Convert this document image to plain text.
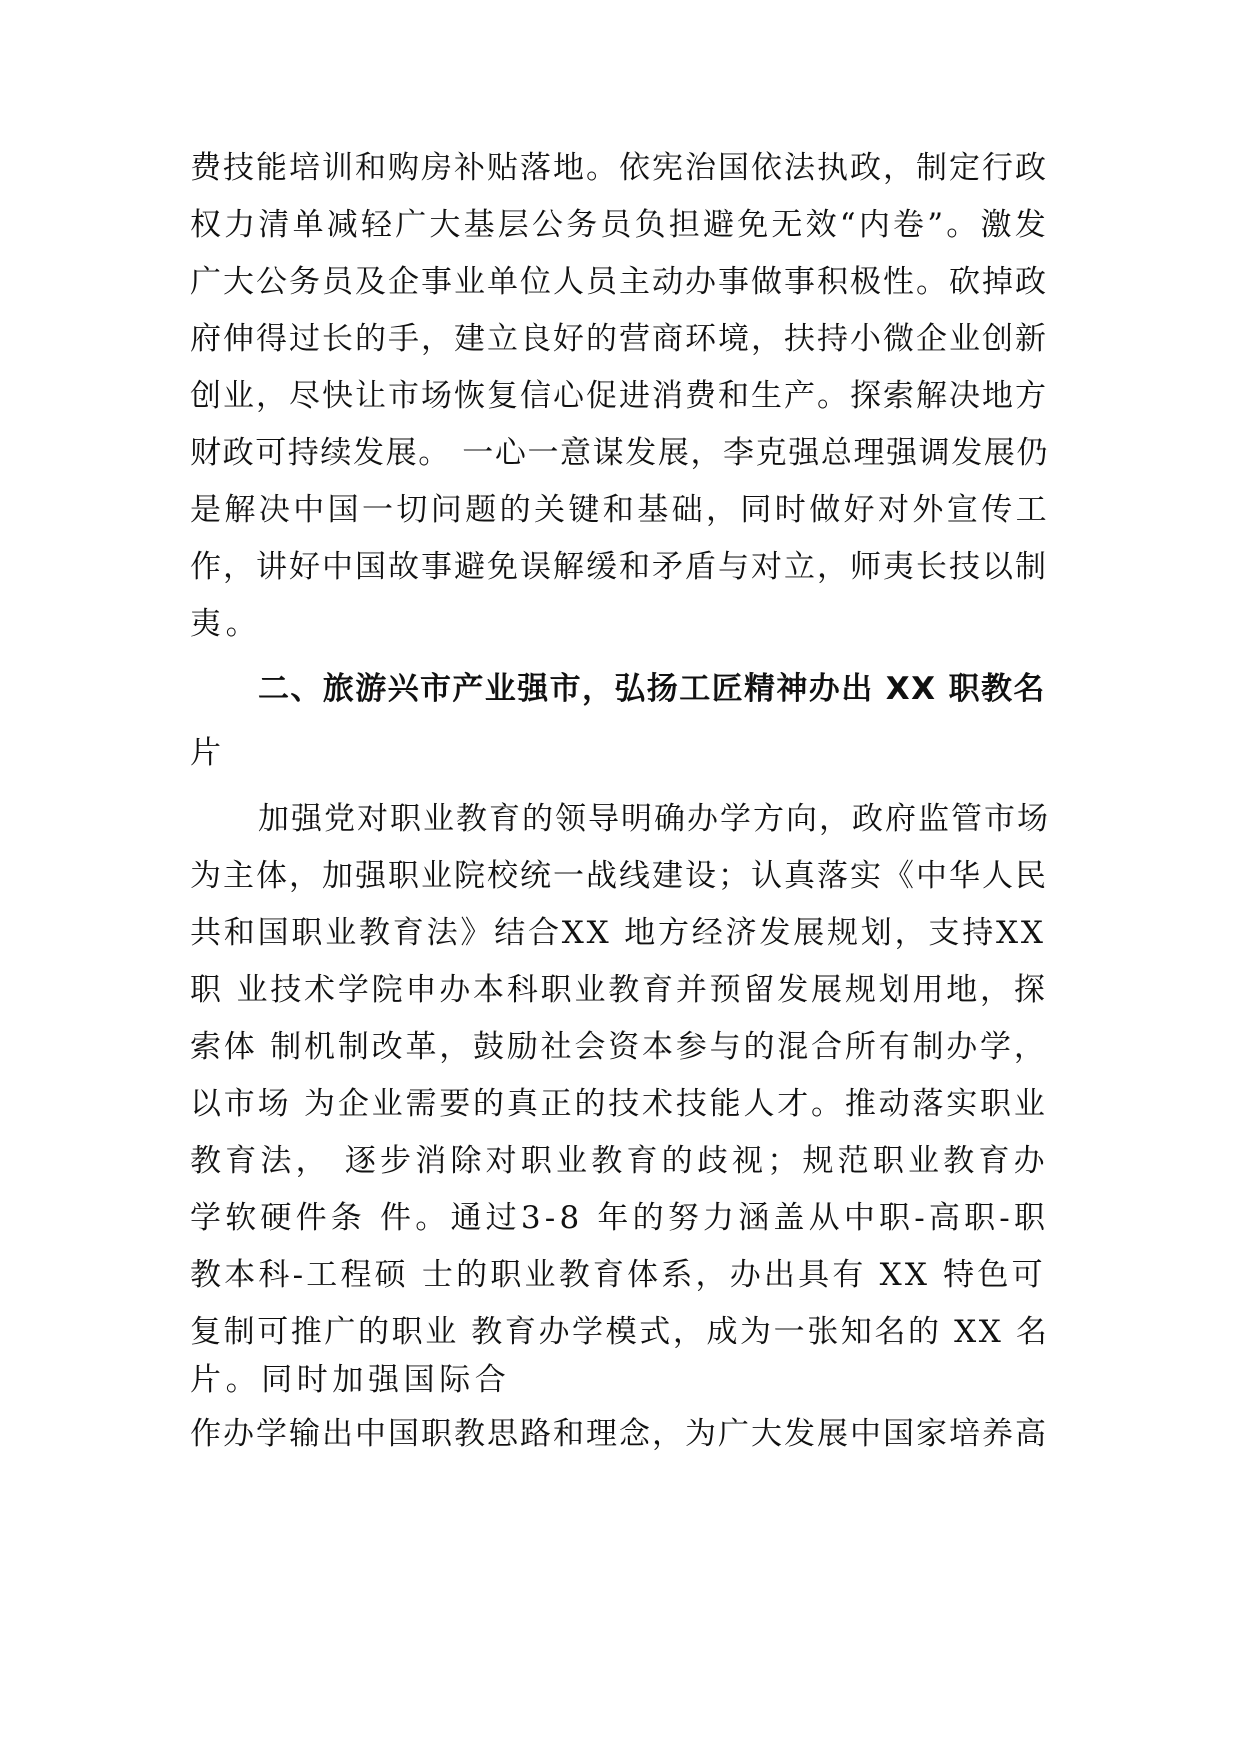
费技能培训和购房补贴落地。依宪治国依法执政，制定行政
权力清单减轻广大基层公务员负担避免无效“内卷”。激发
广大公务员及企事业单位人员主动办事做事积极性。砍掉政
府伸得过长的手，建立良好的营商环境，扶持小微企业创新
创业，尽快让市场恢复信心促进消费和生产。探索解决地方
财政可持续发展。 一心一意谋发展，李克强总理强调发展仍
是解决中国一切问题的关键和基础，同时做好对外宣传工
作，讲好中国故事避免误解缓和矛盾与对立，师夷长技以制
夷。
二、旅游兴市产业强市，弘扬工匠精神办出 XX 职教名
片
加强党对职业教育的领导明确办学方向，政府监管市场
为主体，加强职业院校统一战线建设；认真落实《中华人民
共和国职业教育法》结合XX 地方经济发展规划，支持XX
职 业技术学院申办本科职业教育并预留发展规划用地，探
索体 制机制改革，鼓励社会资本参与的混合所有制办学，
以市场 为企业需要的真正的技术技能人才。推动落实职业
教育法， 逐步消除对职业教育的歧视；规范职业教育办
学软硬件条 件。通过3-8 年的努力涵盖从中职-高职-职
教本科-工程硕 士的职业教育体系，办出具有 XX 特色可
复制可推广的职业 教育办学模式，成为一张知名的 XX 名
片。同时加强国际合
作办学输出中国职教思路和理念，为广大发展中国家培养高
